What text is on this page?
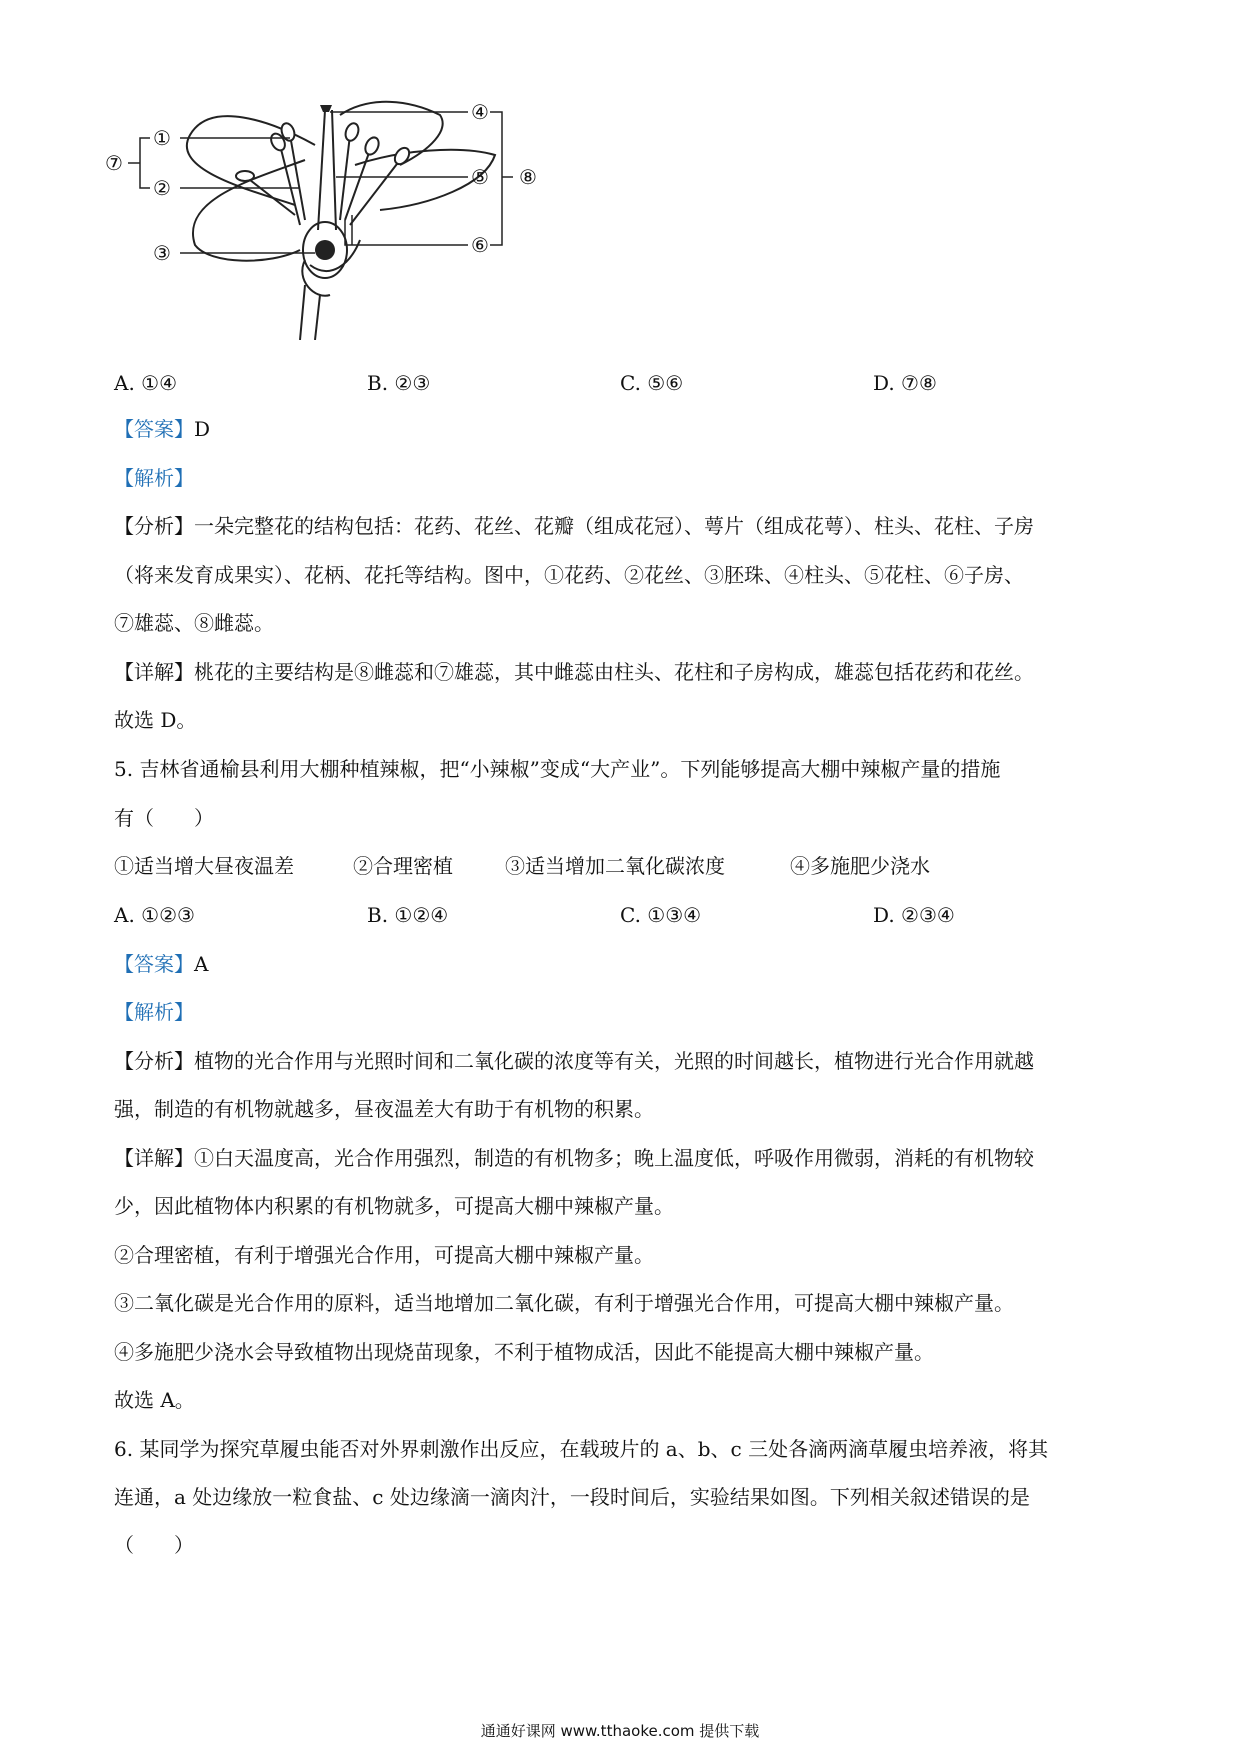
①
②
③
④
⑤
⑥
⑦
⑧
A. ①④	B. ②③	C. ⑤⑥	D. ⑦⑧
【答案】D
【解析】
【分析】一朵完整花的结构包括：花药、花丝、花瓣（组成花冠）、萼片（组成花萼）、柱头、花柱、子房
（将来发育成果实）、花柄、花托等结构。图中，①花药、②花丝、③胚珠、④柱头、⑤花柱、⑥子房、
⑦雄蕊、⑧雌蕊。
【详解】桃花的主要结构是⑧雌蕊和⑦雄蕊，其中雌蕊由柱头、花柱和子房构成，雄蕊包括花药和花丝。
故选 D。
5. 吉林省通榆县利用大棚种植辣椒，把“小辣椒”变成“大产业”。下列能够提高大棚中辣椒产量的措施
有（　　）
①适当增大昼夜温差	②合理密植	③适当增加二氧化碳浓度	④多施肥少浇水
A. ①②③	B. ①②④	C. ①③④	D. ②③④
【答案】A
【解析】
【分析】植物的光合作用与光照时间和二氧化碳的浓度等有关，光照的时间越长，植物进行光合作用就越
强，制造的有机物就越多，昼夜温差大有助于有机物的积累。
【详解】①白天温度高，光合作用强烈，制造的有机物多；晚上温度低，呼吸作用微弱，消耗的有机物较
少，因此植物体内积累的有机物就多，可提高大棚中辣椒产量。
②合理密植，有利于增强光合作用，可提高大棚中辣椒产量。
③二氧化碳是光合作用的原料，适当地增加二氧化碳，有利于增强光合作用，可提高大棚中辣椒产量。
④多施肥少浇水会导致植物出现烧苗现象，不利于植物成活，因此不能提高大棚中辣椒产量。
故选 A。
6. 某同学为探究草履虫能否对外界刺激作出反应，在载玻片的 a、b、c 三处各滴两滴草履虫培养液，将其
连通，a 处边缘放一粒食盐、c 处边缘滴一滴肉汁，一段时间后，实验结果如图。下列相关叙述错误的是
（　　）
通通好课网 www.tthaoke.com 提供下载
